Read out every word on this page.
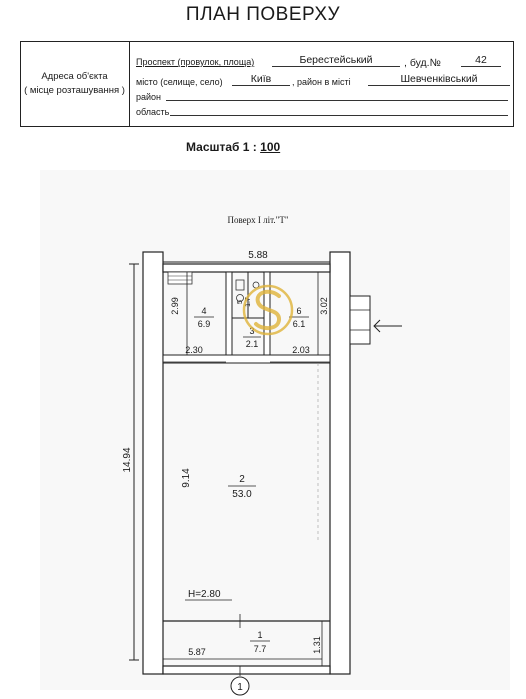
ПЛАН ПОВЕРХУ
Адреса об'єкта
( місце розташування )
Проспект (провулок, площа)	Берестейський	, буд.№	42
місто (селище, село)	Київ	, район в місті	Шевченківський
район
область
Масштаб 1 : 100
Поверх I літ."Т"
5.88
14.94
2.99	3.02
2.30	2.03
4
6.9
5 1.7
3
2.1
6
6.1
9.14	2
53.0
H=2.80
1
7.7
5.87	1.31
1
